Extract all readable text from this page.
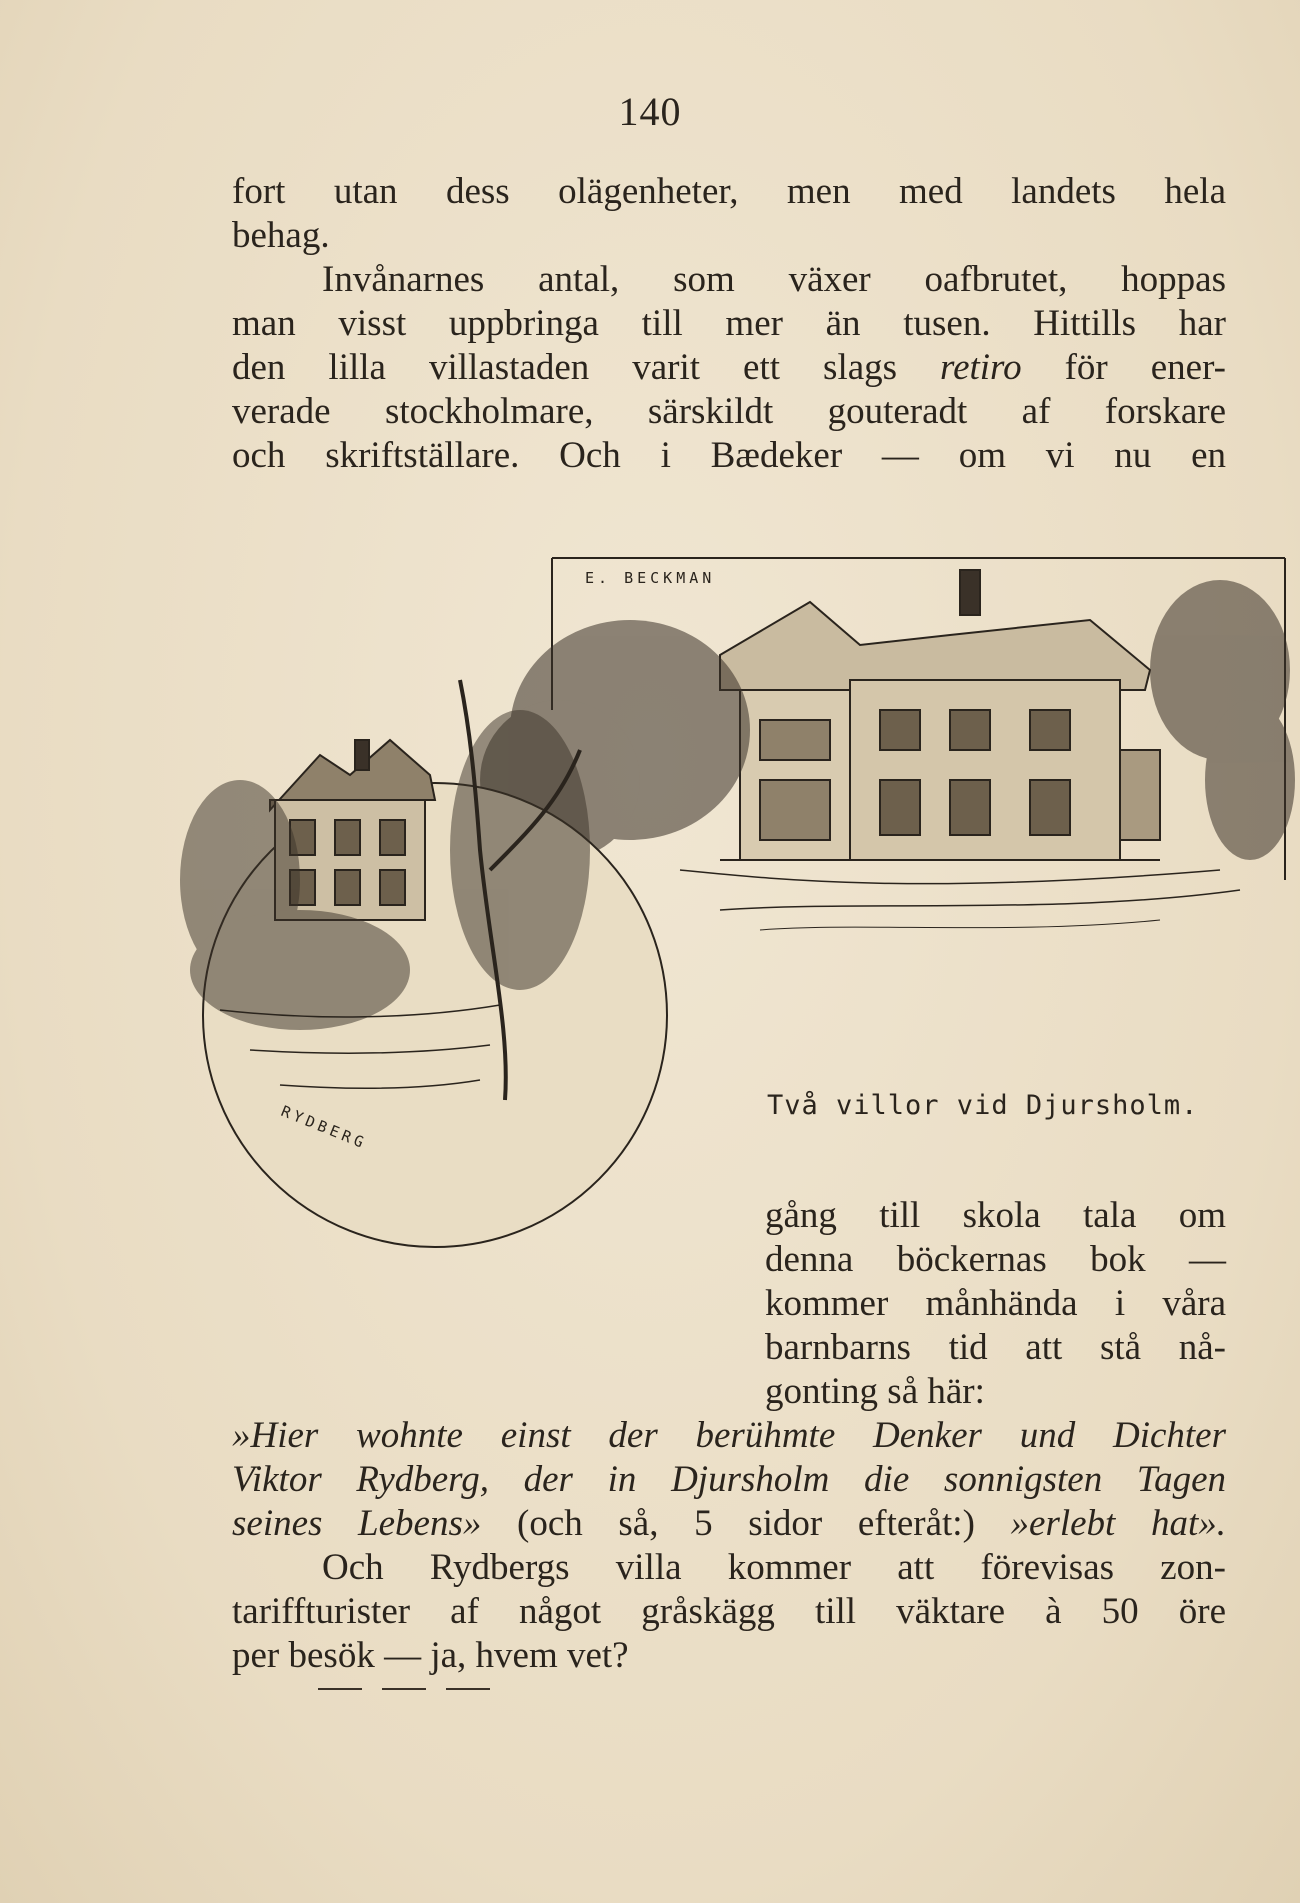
140
fort utan dess olägenheter, men med landets hela
behag.
Invånarnes antal, som växer oafbrutet, hoppas
man visst uppbringa till mer än tusen. Hittills har
den lilla villastaden varit ett slags retiro för ener-
verade stockholmare, särskildt gouteradt af forskare
och skriftställare. Och i Bædeker — om vi nu en
E. BECKMAN
RYDBERG	Två villor vid Djursholm.
gång till skola tala om
denna böckernas bok —
kommer månhända i våra
barnbarns tid att stå nå-
gonting så här:
»Hier wohnte einst der berühmte Denker und Dichter
Viktor Rydberg, der in Djursholm die sonnigsten Tagen
seines Lebens» (och så, 5 sidor efteråt:) »erlebt hat».
Och Rydbergs villa kommer att förevisas zon-
tariffturister af något gråskägg till väktare à 50 öre
per besök — ja, hvem vet?
